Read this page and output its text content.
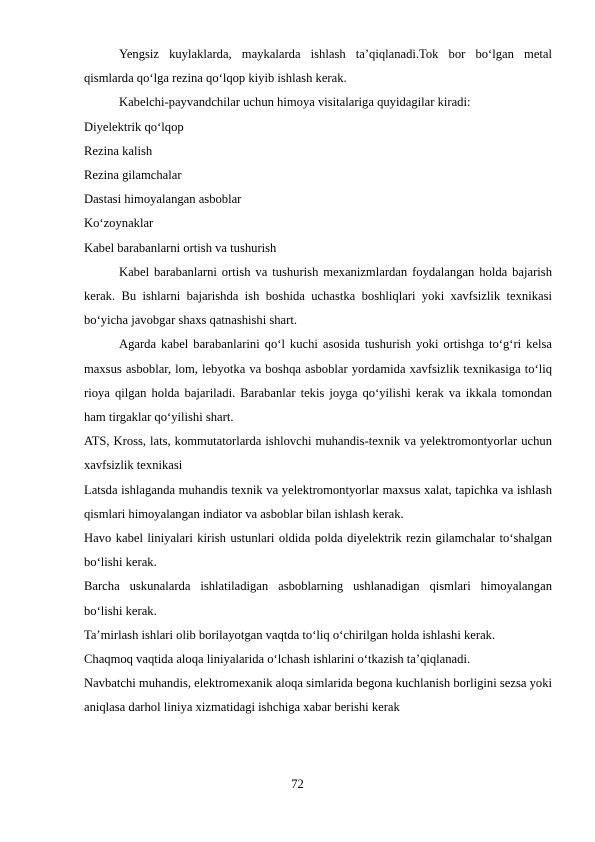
Yengsiz kuylaklarda, maykalarda ishlash ta’qiqlanadi.Tok bor bo‘lgan metal qismlarda qo‘lga rezina qo‘lqop kiyib ishlash kerak.

Kabelchi-payvandchilar uchun himoya visitalariga quyidagilar kiradi:

Diyelektrik qo‘lqop

Rezina kalish

Rezina gilamchalar

Dastasi himoyalangan asboblar

Ko‘zoynaklar

Kabel barabanlarni ortish va tushurish

Kabel barabanlarni ortish va tushurish mexanizmlardan foydalangan holda bajarish kerak. Bu ishlarni bajarishda ish boshida uchastka boshliqlari yoki xavfsizlik texnikasi bo‘yicha javobgar shaxs qatnashishi shart.

Agarda kabel barabanlarini qo‘l kuchi asosida tushurish yoki ortishga to‘g‘ri kelsa maxsus asboblar, lom, lebyotka va boshqa asboblar yordamida xavfsizlik texnikasiga to‘liq rioya qilgan holda bajariladi. Barabanlar tekis joyga qo‘yilishi kerak va ikkala tomondan ham tirgaklar qo‘yilishi shart.

ATS, Kross, lats, kommutatorlarda ishlovchi muhandis-texnik va yelektromontyorlar uchun xavfsizlik texnikasi

Latsda ishlaganda muhandis texnik va yelektromontyorlar maxsus xalat, tapichka va ishlash qismlari himoyalangan indiator va asboblar bilan ishlash kerak.

Havo kabel liniyalari kirish ustunlari oldida polda diyelektrik rezin gilamchalar to‘shalgan bo‘lishi kerak.

Barcha uskunalarda ishlatiladigan asboblarning ushlanadigan qismlari himoyalangan bo‘lishi kerak.

Ta’mirlash ishlari olib borilayotgan vaqtda to‘liq o‘chirilgan holda ishlashi kerak.

Chaqmoq vaqtida aloqa liniyalarida o‘lchash ishlarini o‘tkazish ta’qiqlanadi.

Navbatchi muhandis, elektromexanik aloqa simlarida begona kuchlanish borligini sezsa yoki aniqlasa darhol liniya xizmatidagi ishchiga xabar berishi kerak

72
